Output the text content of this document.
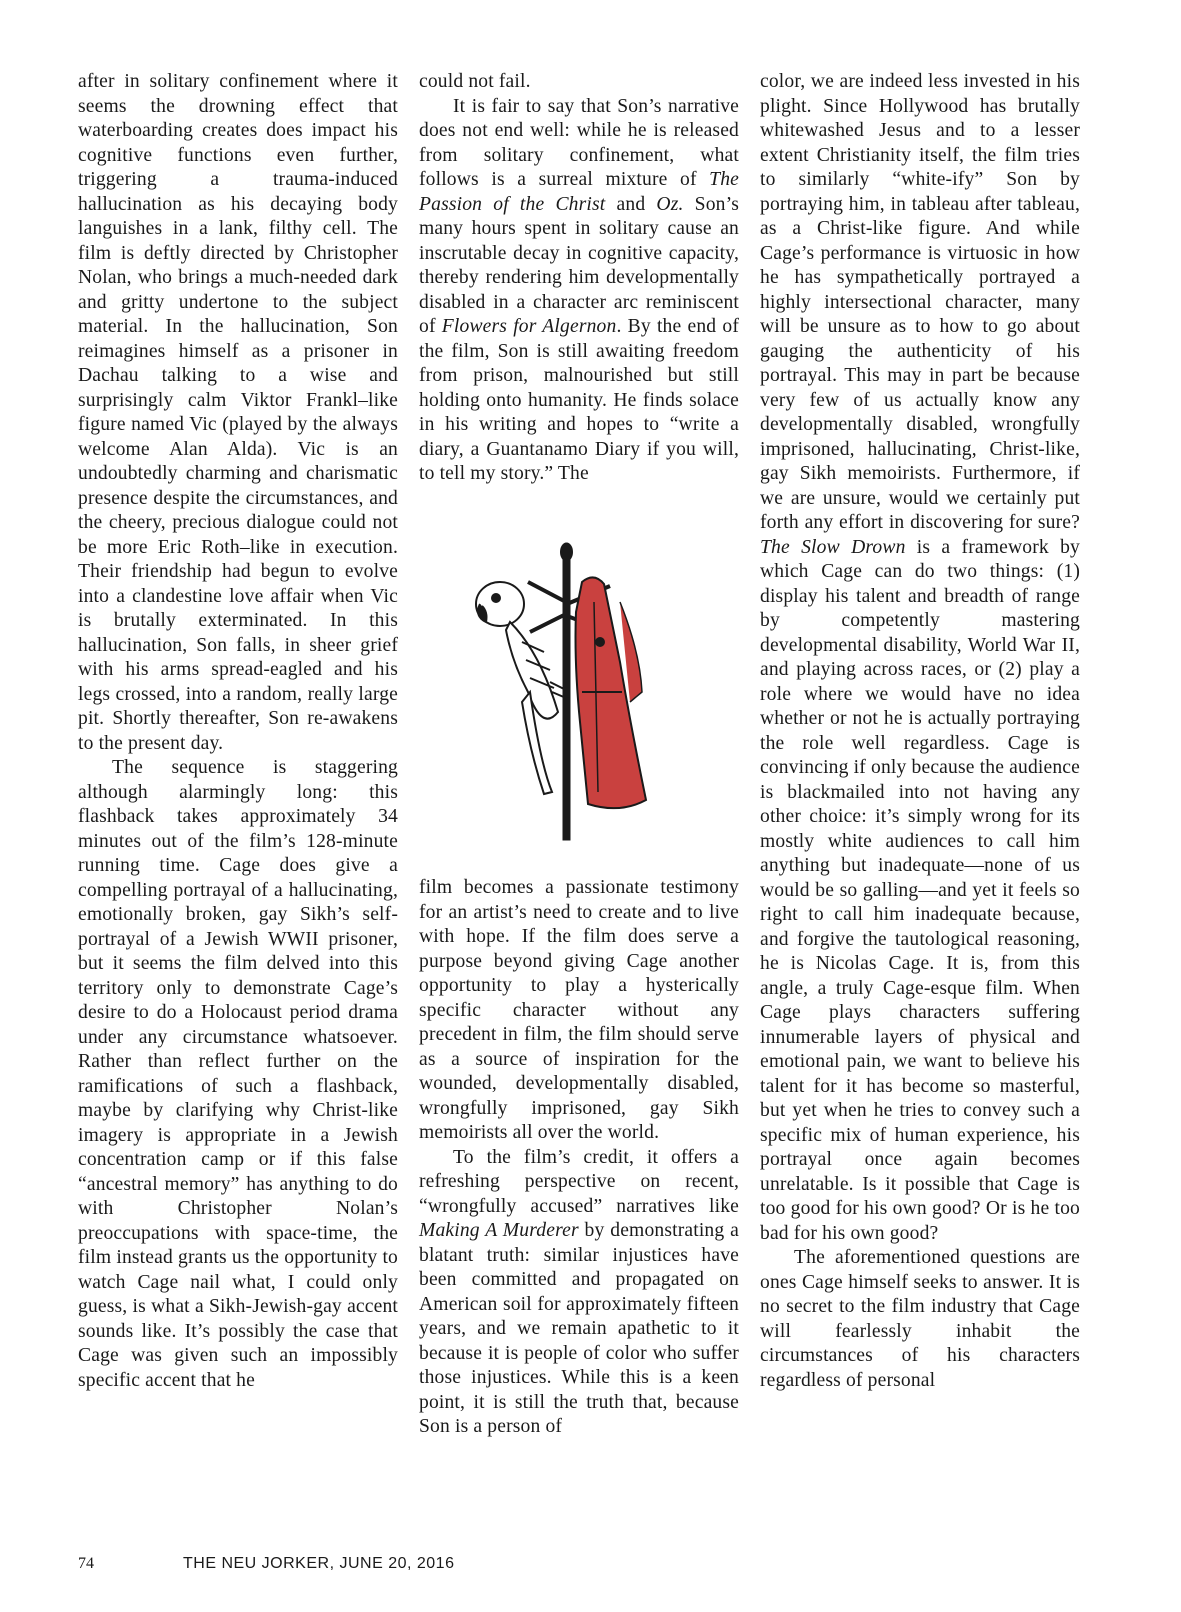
after in solitary confinement where it seems the drowning effect that waterboarding creates does impact his cognitive functions even further, triggering a trauma-induced hallucination as his decaying body languishes in a lank, filthy cell. The film is deftly directed by Christopher Nolan, who brings a much-needed dark and gritty undertone to the subject material. In the hallucination, Son reimagines himself as a prisoner in Dachau talking to a wise and surprisingly calm Viktor Frankl–like figure named Vic (played by the always welcome Alan Alda). Vic is an undoubtedly charming and charismatic presence despite the circumstances, and the cheery, precious dialogue could not be more Eric Roth–like in execution. Their friendship had begun to evolve into a clandestine love affair when Vic is brutally exterminated. In this hallucination, Son falls, in sheer grief with his arms spread-eagled and his legs crossed, into a random, really large pit. Shortly thereafter, Son re-awakens to the present day.

The sequence is staggering although alarmingly long: this flashback takes approximately 34 minutes out of the film’s 128-minute running time. Cage does give a compelling portrayal of a hallucinating, emotionally broken, gay Sikh’s self-portrayal of a Jewish WWII prisoner, but it seems the film delved into this territory only to demonstrate Cage’s desire to do a Holocaust period drama under any circumstance whatsoever. Rather than reflect further on the ramifications of such a flashback, maybe by clarifying why Christ-like imagery is appropriate in a Jewish concentration camp or if this false “ancestral memory” has anything to do with Christopher Nolan’s preoccupations with space-time, the film instead grants us the opportunity to watch Cage nail what, I could only guess, is what a Sikh-Jewish-gay accent sounds like. It’s possibly the case that Cage was given such an impossibly specific accent that he

could not fail.

It is fair to say that Son’s narrative does not end well: while he is released from solitary confinement, what follows is a surreal mixture of The Passion of the Christ and Oz. Son’s many hours spent in solitary cause an inscrutable decay in cognitive capacity, thereby rendering him developmentally disabled in a character arc reminiscent of Flowers for Algernon. By the end of the film, Son is still awaiting freedom from prison, malnourished but still holding onto humanity. He finds solace in his writing and hopes to “write a diary, a Guantanamo Diary if you will, to tell my story.” The

film becomes a passionate testimony for an artist’s need to create and to live with hope. If the film does serve a purpose beyond giving Cage another opportunity to play a hysterically specific character without any precedent in film, the film should serve as a source of inspiration for the wounded, developmentally disabled, wrongfully imprisoned, gay Sikh memoirists all over the world.

To the film’s credit, it offers a refreshing perspective on recent, “wrongfully accused” narratives like Making A Murderer by demonstrating a blatant truth: similar injustices have been committed and propagated on American soil for approximately fifteen years, and we remain apathetic to it because it is people of color who suffer those injustices. While this is a keen point, it is still the truth that, because Son is a person of

color, we are indeed less invested in his plight. Since Hollywood has brutally whitewashed Jesus and to a lesser extent Christianity itself, the film tries to similarly “white-ify” Son by portraying him, in tableau after tableau, as a Christ-like figure. And while Cage’s performance is virtuosic in how he has sympathetically portrayed a highly intersectional character, many will be unsure as to how to go about gauging the authenticity of his portrayal. This may in part be because very few of us actually know any developmentally disabled, wrongfully imprisoned, hallucinating, Christ-like, gay Sikh memoirists. Furthermore, if we are unsure, would we certainly put forth any effort in discovering for sure? The Slow Drown is a framework by which Cage can do two things: (1) display his talent and breadth of range by competently mastering developmental disability, World War II, and playing across races, or (2) play a role where we would have no idea whether or not he is actually portraying the role well regardless. Cage is convincing if only because the audience is blackmailed into not having any other choice: it’s simply wrong for its mostly white audiences to call him anything but inadequate—none of us would be so galling—and yet it feels so right to call him inadequate because, and forgive the tautological reasoning, he is Nicolas Cage. It is, from this angle, a truly Cage-esque film. When Cage plays characters suffering innumerable layers of physical and emotional pain, we want to believe his talent for it has become so masterful, but yet when he tries to convey such a specific mix of human experience, his portrayal once again becomes unrelatable. Is it possible that Cage is too good for his own good? Or is he too bad for his own good?

The aforementioned questions are ones Cage himself seeks to answer. It is no secret to the film industry that Cage will fearlessly inhabit the circumstances of his characters regardless of personal

74	THE NEU JORKER, JUNE 20, 2016
